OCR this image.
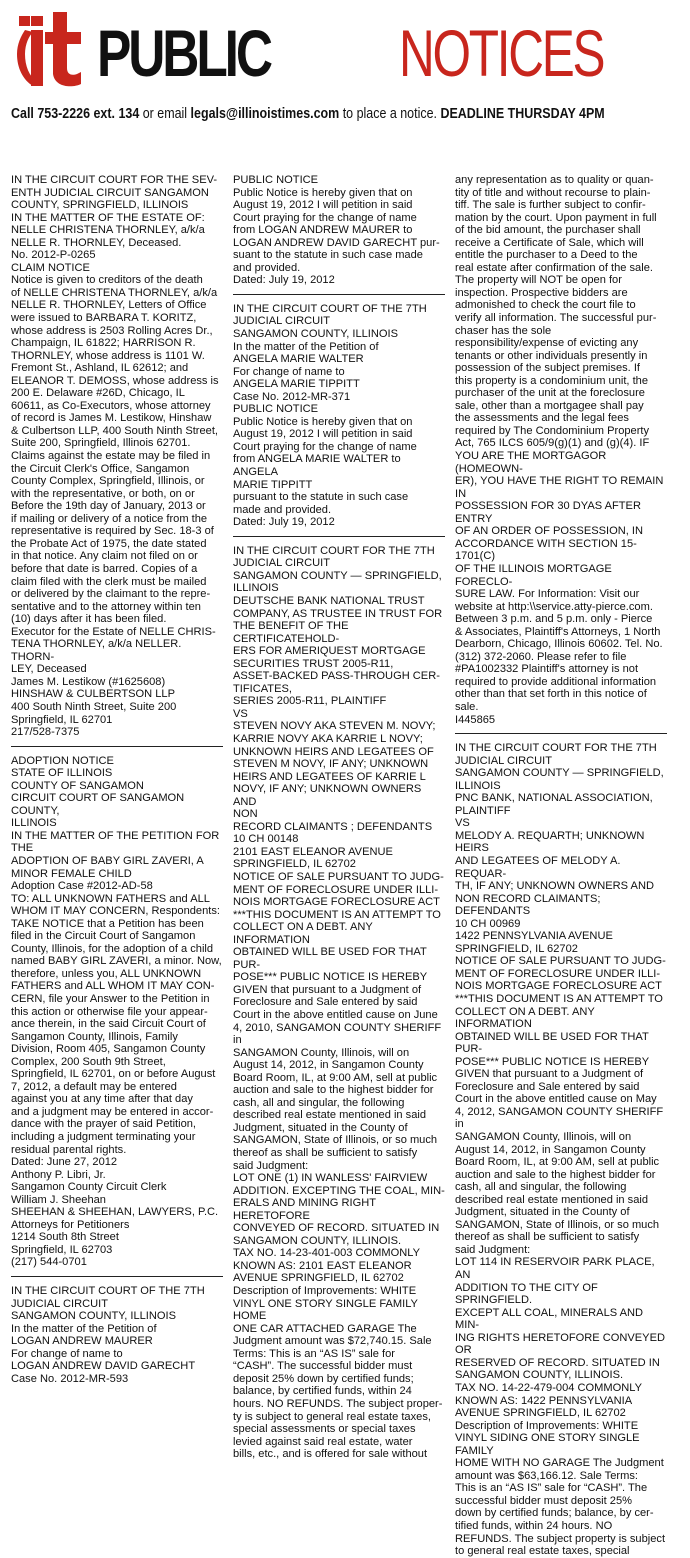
PUBLIC NOTICES
Call 753-2226 ext. 134 or email legals@illinoistimes.com to place a notice. DEADLINE THURSDAY 4PM

IN THE CIRCUIT COURT FOR THE SEV-
ENTH JUDICIAL CIRCUIT SANGAMON
COUNTY, SPRINGFIELD, ILLINOIS
IN THE MATTER OF THE ESTATE OF:
NELLE CHRISTENA THORNLEY, a/k/a
NELLE R. THORNLEY, Deceased.
No. 2012-P-0265
CLAIM NOTICE
Notice is given to creditors of the death
of NELLE CHRISTENA THORNLEY, a/k/a
NELLE R. THORNLEY, Letters of Office
were issued to BARBARA T. KORITZ,
whose address is 2503 Rolling Acres Dr.,
Champaign, IL 61822; HARRISON R.
THORNLEY, whose address is 1101 W.
Fremont St., Ashland, IL 62612; and
ELEANOR T. DEMOSS, whose address is
200 E. Delaware #26D, Chicago, IL
60611, as Co-Executors, whose attorney
of record is James M. Lestikow, Hinshaw
& Culbertson LLP, 400 South Ninth Street,
Suite 200, Springfield, Illinois 62701.
Claims against the estate may be filed in
the Circuit Clerk's Office, Sangamon
County Complex, Springfield, Illinois, or
with the representative, or both, on or
Before the 19th day of January, 2013 or
if mailing or delivery of a notice from the
representative is required by Sec. 18-3 of
the Probate Act of 1975, the date stated
in that notice. Any claim not filed on or
before that date is barred. Copies of a
claim filed with the clerk must be mailed
or delivered by the claimant to the repre-
sentative and to the attorney within ten
(10) days after it has been filed.
Executor for the Estate of NELLE CHRIS-
TENA THORNLEY, a/k/a NELLER. THORN-
LEY, Deceased
James M. Lestikow (#1625608)
HINSHAW & CULBERTSON LLP
400 South Ninth Street, Suite 200
Springfield, IL 62701
217/528-7375

ADOPTION NOTICE
STATE OF ILLINOIS
COUNTY OF SANGAMON
CIRCUIT COURT OF SANGAMON COUNTY,
ILLINOIS
IN THE MATTER OF THE PETITION FOR
THE
ADOPTION OF BABY GIRL ZAVERI, A
MINOR FEMALE CHILD
Adoption Case #2012-AD-58
TO: ALL UNKNOWN FATHERS and ALL
WHOM IT MAY CONCERN, Respondents:
TAKE NOTICE that a Petition has been
filed in the Circuit Court of Sangamon
County, Illinois, for the adoption of a child
named BABY GIRL ZAVERI, a minor. Now,
therefore, unless you, ALL UNKNOWN
FATHERS and ALL WHOM IT MAY CON-
CERN, file your Answer to the Petition in
this action or otherwise file your appear-
ance therein, in the said Circuit Court of
Sangamon County, Illinois, Family
Division, Room 405, Sangamon County
Complex, 200 South 9th Street,
Springfield, IL 62701, on or before August
7, 2012, a default may be entered
against you at any time after that day
and a judgment may be entered in accor-
dance with the prayer of said Petition,
including a judgment terminating your
residual parental rights.
Dated: June 27, 2012
Anthony P. Libri, Jr.
Sangamon County Circuit Clerk
William J. Sheehan
SHEEHAN & SHEEHAN, LAWYERS, P.C.
Attorneys for Petitioners
1214 South 8th Street
Springfield, IL 62703
(217) 544-0701

IN THE CIRCUIT COURT OF THE 7TH
JUDICIAL CIRCUIT
SANGAMON COUNTY, ILLINOIS
In the matter of the Petition of
LOGAN ANDREW MAURER
For change of name to
LOGAN ANDREW DAVID GARECHT
Case No. 2012-MR-593

PUBLIC NOTICE
Public Notice is hereby given that on
August 19, 2012 I will petition in said
Court praying for the change of name
from LOGAN ANDREW MAURER to
LOGAN ANDREW DAVID GARECHT pur-
suant to the statute in such case made
and provided.
Dated: July 19, 2012

IN THE CIRCUIT COURT OF THE 7TH
JUDICIAL CIRCUIT
SANGAMON COUNTY, ILLINOIS
In the matter of the Petition of
ANGELA MARIE WALTER
For change of name to
ANGELA MARIE TIPPITT
Case No. 2012-MR-371
PUBLIC NOTICE
Public Notice is hereby given that on
August 19, 2012 I will petition in said
Court praying for the change of name
from ANGELA MARIE WALTER to ANGELA
MARIE TIPPITT
pursuant to the statute in such case
made and provided.
Dated: July 19, 2012

IN THE CIRCUIT COURT FOR THE 7TH
JUDICIAL CIRCUIT
SANGAMON COUNTY — SPRINGFIELD,
ILLINOIS
DEUTSCHE BANK NATIONAL TRUST
COMPANY, AS TRUSTEE IN TRUST FOR
THE BENEFIT OF THE CERTIFICATEHOLD-
ERS FOR AMERIQUEST MORTGAGE
SECURITIES TRUST 2005-R11,
ASSET-BACKED PASS-THROUGH CER-
TIFICATES,
SERIES 2005-R11, PLAINTIFF
VS
STEVEN NOVY AKA STEVEN M. NOVY;
KARRIE NOVY AKA KARRIE L NOVY;
UNKNOWN HEIRS AND LEGATEES OF
STEVEN M NOVY, IF ANY; UNKNOWN
HEIRS AND LEGATEES OF KARRIE L
NOVY, IF ANY; UNKNOWN OWNERS AND
NON
RECORD CLAIMANTS ; DEFENDANTS
10 CH 00148
2101 EAST ELEANOR AVENUE
SPRINGFIELD, IL 62702
NOTICE OF SALE PURSUANT TO JUDG-
MENT OF FORECLOSURE UNDER ILLI-
NOIS MORTGAGE FORECLOSURE ACT
***THIS DOCUMENT IS AN ATTEMPT TO
COLLECT ON A DEBT. ANY INFORMATION
OBTAINED WILL BE USED FOR THAT PUR-
POSE*** PUBLIC NOTICE IS HEREBY
GIVEN that pursuant to a Judgment of
Foreclosure and Sale entered by said
Court in the above entitled cause on June
4, 2010, SANGAMON COUNTY SHERIFF in
SANGAMON County, Illinois, will on
August 14, 2012, in Sangamon County
Board Room, IL, at 9:00 AM, sell at public
auction and sale to the highest bidder for
cash, all and singular, the following
described real estate mentioned in said
Judgment, situated in the County of
SANGAMON, State of Illinois, or so much
thereof as shall be sufficient to satisfy
said Judgment:
LOT ONE (1) IN WANLESS' FAIRVIEW
ADDITION. EXCEPTING THE COAL, MIN-
ERALS AND MINING RIGHT HERETOFORE
CONVEYED OF RECORD. SITUATED IN
SANGAMON COUNTY, ILLINOIS.
TAX NO. 14-23-401-003 COMMONLY
KNOWN AS: 2101 EAST ELEANOR
AVENUE SPRINGFIELD, IL 62702
Description of Improvements: WHITE
VINYL ONE STORY SINGLE FAMILY HOME
ONE CAR ATTACHED GARAGE The
Judgment amount was $72,740.15. Sale
Terms: This is an “AS IS” sale for
“CASH”. The successful bidder must
deposit 25% down by certified funds;
balance, by certified funds, within 24
hours. NO REFUNDS. The subject proper-
ty is subject to general real estate taxes,
special assessments or special taxes
levied against said real estate, water
bills, etc., and is offered for sale without

any representation as to quality or quan-
tity of title and without recourse to plain-
tiff. The sale is further subject to confir-
mation by the court. Upon payment in full
of the bid amount, the purchaser shall
receive a Certificate of Sale, which will
entitle the purchaser to a Deed to the
real estate after confirmation of the sale.
The property will NOT be open for
inspection. Prospective bidders are
admonished to check the court file to
verify all information. The successful pur-
chaser has the sole
responsibility/expense of evicting any
tenants or other individuals presently in
possession of the subject premises. If
this property is a condominium unit, the
purchaser of the unit at the foreclosure
sale, other than a mortgagee shall pay
the assessments and the legal fees
required by The Condominium Property
Act, 765 ILCS 605/9(g)(1) and (g)(4). IF
YOU ARE THE MORTGAGOR (HOMEOWN-
ER), YOU HAVE THE RIGHT TO REMAIN IN
POSSESSION FOR 30 DYAS AFTER ENTRY
OF AN ORDER OF POSSESSION, IN
ACCORDANCE WITH SECTION 15-1701(C)
OF THE ILLINOIS MORTGAGE FORECLO-
SURE LAW. For Information: Visit our
website at http:\\service.atty-pierce.com.
Between 3 p.m. and 5 p.m. only - Pierce
& Associates, Plaintiff's Attorneys, 1 North
Dearborn, Chicago, Illinois 60602. Tel. No.
(312) 372-2060. Please refer to file
#PA1002332 Plaintiff's attorney is not
required to provide additional information
other than that set forth in this notice of
sale.
I445865

IN THE CIRCUIT COURT FOR THE 7TH
JUDICIAL CIRCUIT
SANGAMON COUNTY — SPRINGFIELD,
ILLINOIS
PNC BANK, NATIONAL ASSOCIATION,
PLAINTIFF
VS
MELODY A. REQUARTH; UNKNOWN HEIRS
AND LEGATEES OF MELODY A. REQUAR-
TH, IF ANY; UNKNOWN OWNERS AND
NON RECORD CLAIMANTS; DEFENDANTS
10 CH 00969
1422 PENNSYLVANIA AVENUE
SPRINGFIELD, IL 62702
NOTICE OF SALE PURSUANT TO JUDG-
MENT OF FORECLOSURE UNDER ILLI-
NOIS MORTGAGE FORECLOSURE ACT
***THIS DOCUMENT IS AN ATTEMPT TO
COLLECT ON A DEBT. ANY INFORMATION
OBTAINED WILL BE USED FOR THAT PUR-
POSE*** PUBLIC NOTICE IS HEREBY
GIVEN that pursuant to a Judgment of
Foreclosure and Sale entered by said
Court in the above entitled cause on May
4, 2012, SANGAMON COUNTY SHERIFF in
SANGAMON County, Illinois, will on
August 14, 2012, in Sangamon County
Board Room, IL, at 9:00 AM, sell at public
auction and sale to the highest bidder for
cash, all and singular, the following
described real estate mentioned in said
Judgment, situated in the County of
SANGAMON, State of Illinois, or so much
thereof as shall be sufficient to satisfy
said Judgment:
LOT 114 IN RESERVOIR PARK PLACE, AN
ADDITION TO THE CITY OF SPRINGFIELD.
EXCEPT ALL COAL, MINERALS AND MIN-
ING RIGHTS HERETOFORE CONVEYED OR
RESERVED OF RECORD. SITUATED IN
SANGAMON COUNTY, ILLINOIS.
TAX NO. 14-22-479-004 COMMONLY
KNOWN AS: 1422 PENNSYLVANIA
AVENUE SPRINGFIELD, IL 62702
Description of Improvements: WHITE
VINYL SIDING ONE STORY SINGLE FAMILY
HOME WITH NO GARAGE The Judgment
amount was $63,166.12. Sale Terms:
This is an “AS IS” sale for “CASH”. The
successful bidder must deposit 25%
down by certified funds; balance, by cer-
tified funds, within 24 hours. NO
REFUNDS. The subject property is subject
to general real estate taxes, special
